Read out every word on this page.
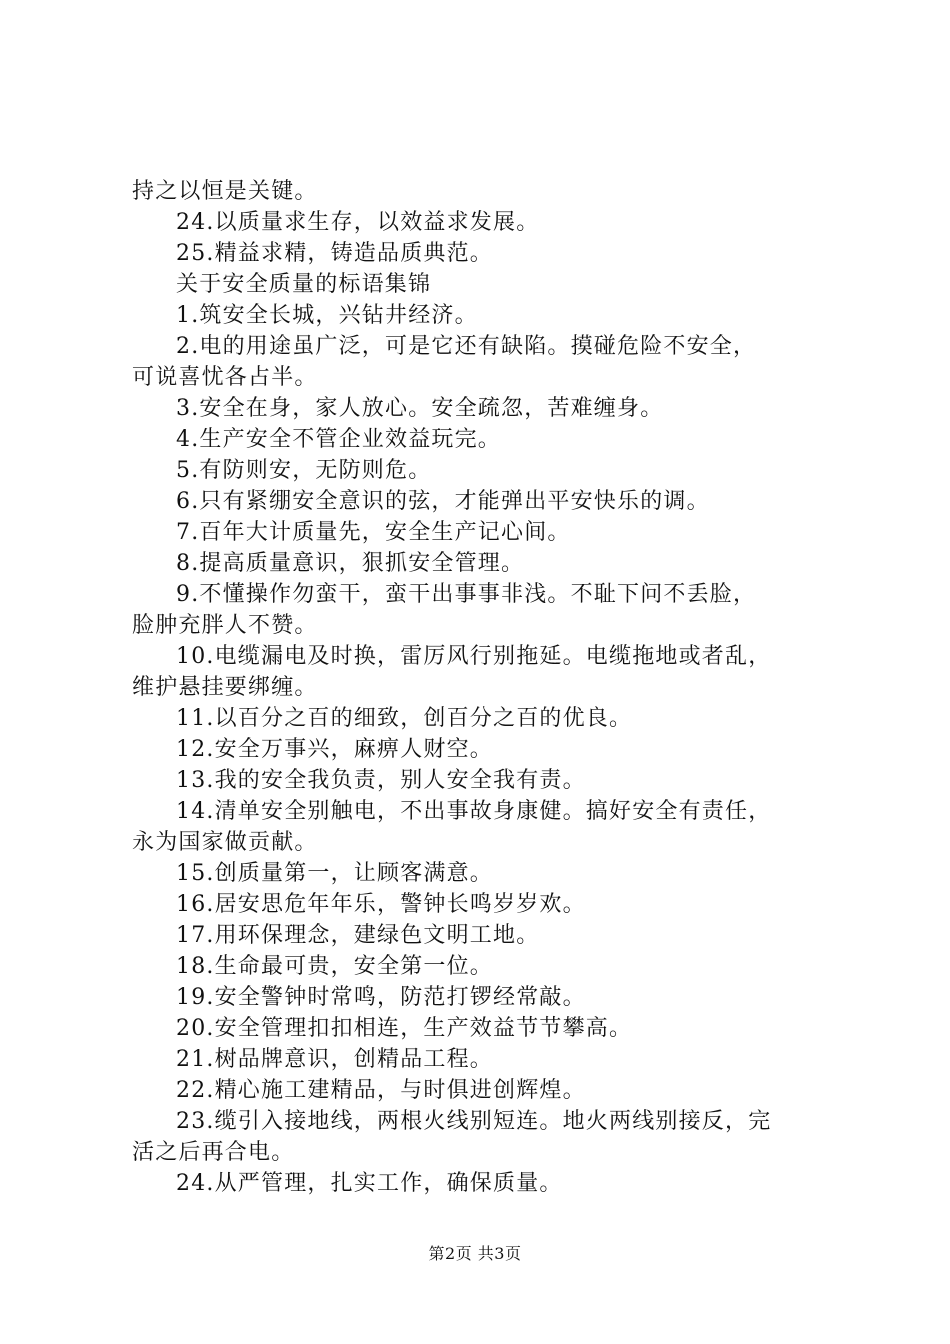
持之以恒是关键。
24.以质量求生存，以效益求发展。
25.精益求精，铸造品质典范。
关于安全质量的标语集锦
1.筑安全长城，兴钻井经济。
2.电的用途虽广泛，可是它还有缺陷。摸碰危险不安全，
可说喜忧各占半。
3.安全在身，家人放心。安全疏忽，苦难缠身。
4.生产安全不管企业效益玩完。
5.有防则安，无防则危。
6.只有紧绷安全意识的弦，才能弹出平安快乐的调。
7.百年大计质量先，安全生产记心间。
8.提高质量意识，狠抓安全管理。
9.不懂操作勿蛮干，蛮干出事事非浅。不耻下问不丢脸，
脸肿充胖人不赞。
10.电缆漏电及时换，雷厉风行别拖延。电缆拖地或者乱，
维护悬挂要绑缠。
11.以百分之百的细致，创百分之百的优良。
12.安全万事兴，麻痹人财空。
13.我的安全我负责，别人安全我有责。
14.清单安全别触电，不出事故身康健。搞好安全有责任，
永为国家做贡献。
15.创质量第一，让顾客满意。
16.居安思危年年乐，警钟长鸣岁岁欢。
17.用环保理念，建绿色文明工地。
18.生命最可贵，安全第一位。
19.安全警钟时常鸣，防范打锣经常敲。
20.安全管理扣扣相连，生产效益节节攀高。
21.树品牌意识，创精品工程。
22.精心施工建精品，与时俱进创辉煌。
23.缆引入接地线，两根火线别短连。地火两线别接反，完
活之后再合电。
24.从严管理，扎实工作，确保质量。
第2页 共3页
